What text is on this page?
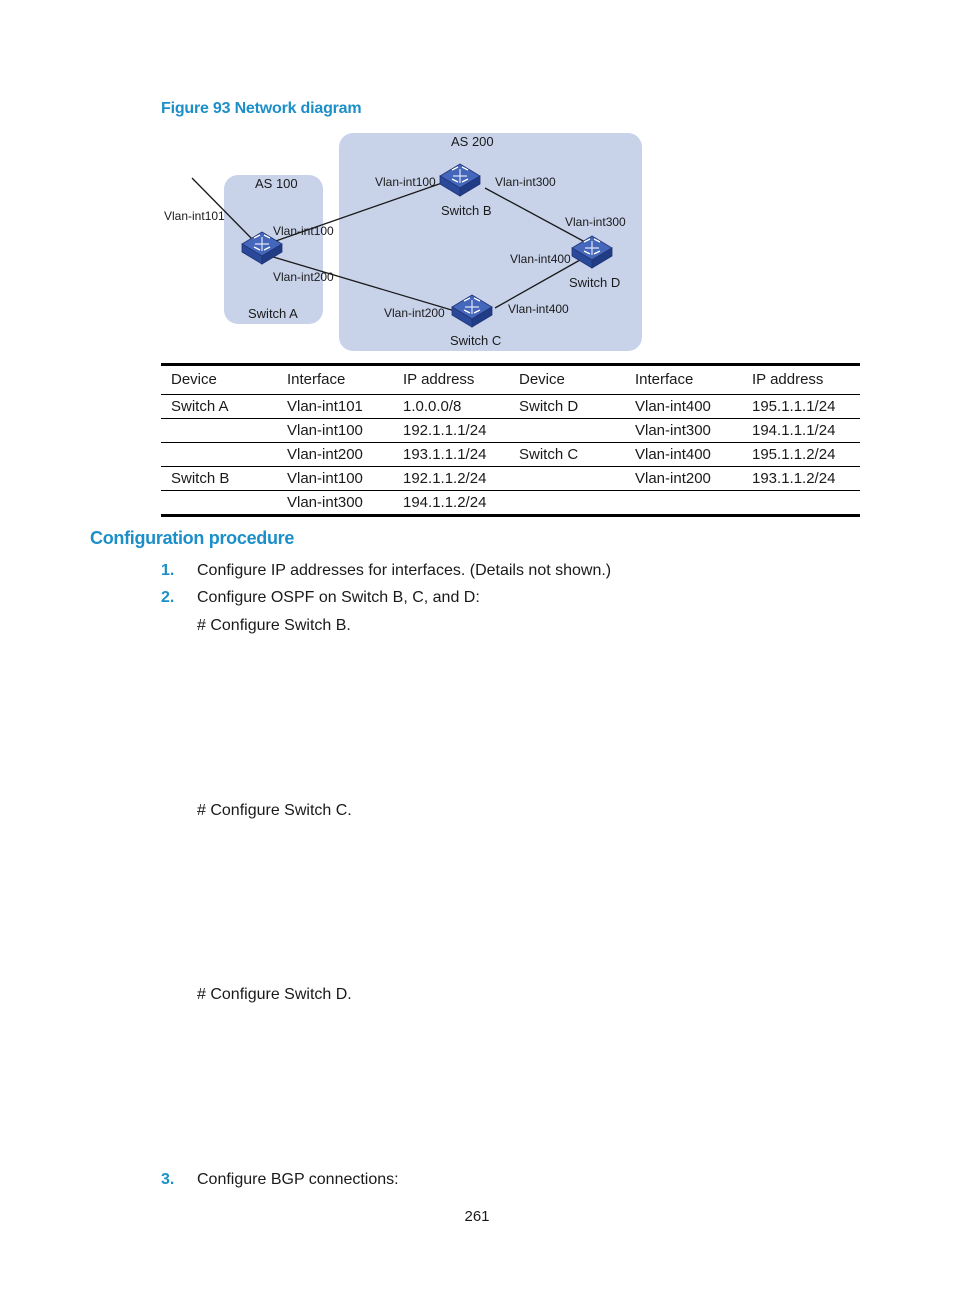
Figure 93 Network diagram
AS 100
AS 200
Switch A
Switch B
Switch C
Switch D
Vlan-int101
Vlan-int100
Vlan-int200
Vlan-int100	Vlan-int300
Vlan-int200	Vlan-int400
Vlan-int300
Vlan-int400
Device	Interface	IP address	Device	Interface	IP address
Switch A	Vlan-int101	1.0.0.0/8	Switch D	Vlan-int400	195.1.1.1/24
	Vlan-int100	192.1.1.1/24		Vlan-int300	194.1.1.1/24
	Vlan-int200	193.1.1.1/24	Switch C	Vlan-int400	195.1.1.2/24
Switch B	Vlan-int100	192.1.1.2/24		Vlan-int200	193.1.1.2/24
	Vlan-int300	194.1.1.2/24			
Configuration procedure
1. Configure IP addresses for interfaces. (Details not shown.)
2. Configure OSPF on Switch B, C, and D:
# Configure Switch B.
# Configure Switch C.
# Configure Switch D.
3. Configure BGP connections:
261
